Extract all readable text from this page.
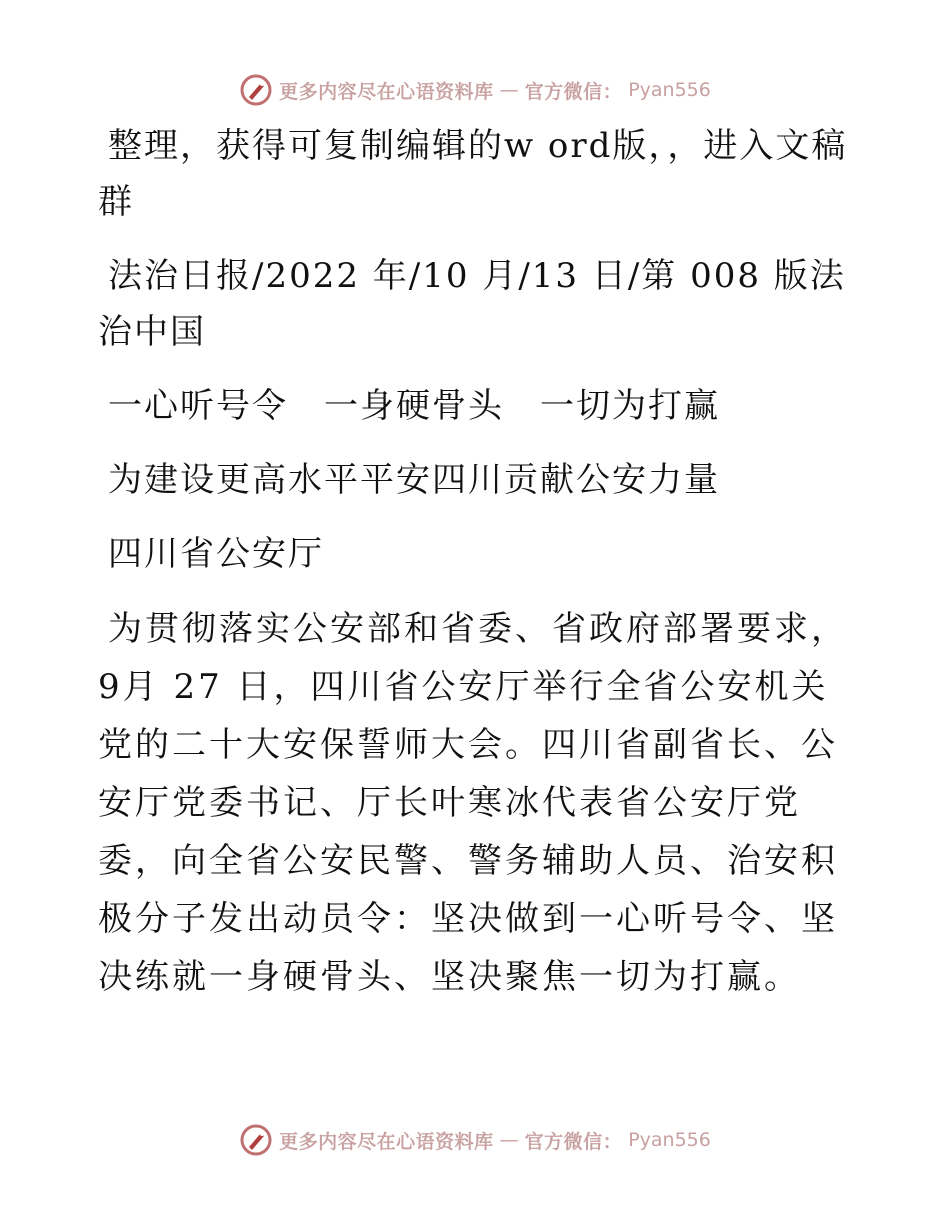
更多内容尽在心语资料库 — 官方微信： Pyan556

整理，获得可复制编辑的w ord版，，进入文稿群

法治日报/2022 年/10 月/13 日/第 008 版法治中国

一心听号令　一身硬骨头　一切为打赢

为建设更高水平平安四川贡献公安力量

四川省公安厅

为贯彻落实公安部和省委、省政府部署要求，9月 27 日，四川省公安厅举行全省公安机关党的二十大安保誓师大会。四川省副省长、公安厅党委书记、厅长叶寒冰代表省公安厅党委，向全省公安民警、警务辅助人员、治安积极分子发出动员令：坚决做到一心听号令、坚决练就一身硬骨头、坚决聚焦一切为打赢。

更多内容尽在心语资料库 — 官方微信： Pyan556
